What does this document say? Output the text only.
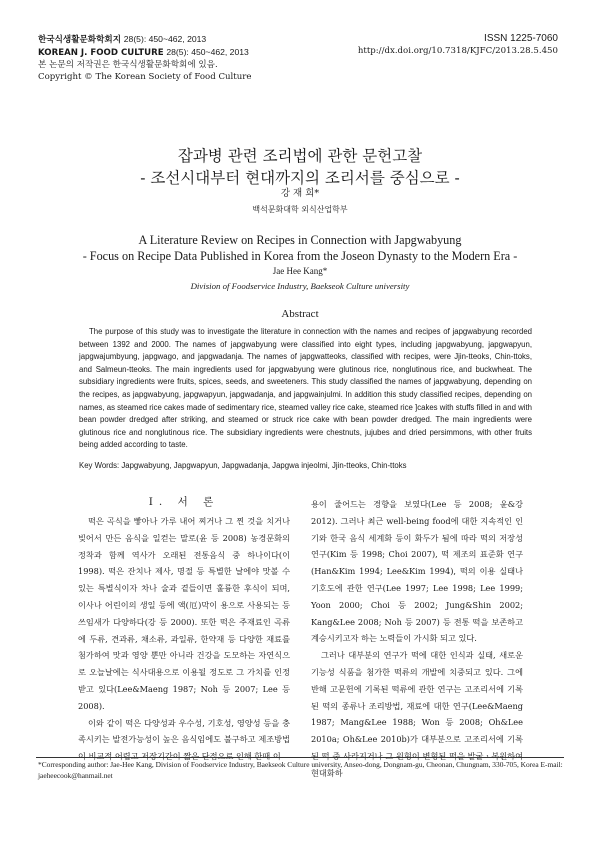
한국식생활문화학회지 28(5): 450~462, 2013
KOREAN J. FOOD CULTURE 28(5): 450~462, 2013
본 논문의 저작권은 한국식생활문화학회에 있음.
Copyright © The Korean Society of Food Culture
ISSN 1225-7060
http://dx.doi.org/10.7318/KJFC/2013.28.5.450
잡과병 관련 조리법에 관한 문헌고찰
- 조선시대부터 현대까지의 조리서를 중심으로 -
강 재 희*
백석문화대학 외식산업학부
A Literature Review on Recipes in Connection with Japgwabyung
- Focus on Recipe Data Published in Korea from the Joseon Dynasty to the Modern Era -
Jae Hee Kang*
Division of Foodservice Industry, Baekseok Culture university
Abstract
The purpose of this study was to investigate the literature in connection with the names and recipes of japgwabyung recorded between 1392 and 2000. The names of japgwabyung were classified into eight types, including japgwabyung, japgwapyun, japgwajumbyung, japgwago, and japgwadanja. The names of japgwatteoks, classified with recipes, were Jjin-tteoks, Chin-ttoks, and Salmeun-tteoks. The main ingredients used for japgwabyung were glutinous rice, nonglutinous rice, and buckwheat. The subsidiary ingredients were fruits, spices, seeds, and sweeteners. This study classified the names of japgwabyung, depending on the recipes, as japgwabyung, japgwapyun, japgwadanja, and japgwainjulmi. In addition this study classified recipes, depending on names, as steamed rice cakes made of sedimentary rice, steamed valley rice cake, steamed rice ]cakes with stuffs filled in and with bean powder dredged after striking, and steamed or struck rice cake with bean powder dredged. The main ingredients were glutinous rice and nonglutinous rice. The subsidiary ingredients were chestnuts, jujubes and dried persimmons, with other fruits being added according to taste.
Key Words: Japgwabyung, Japgwapyun, Japgwadanja, Japgwa injeolmi, Jjin-tteoks, Chin-ttoks
I. 서 론

떡은 곡식을 빻아나 가루 내어 찌거나 그 찐 것을 치거나 빚어서 만든 음식을 일컫는 말로(윤 등 2008) 농경문화의 정착과 함께 역사가 오래된 전통음식 중 하나이다(이 1998). 떡은 잔치나 제사, 명절 등 특별한 날에야 맛볼 수 있는 특별식이자 차나 술과 곁들이면 훌륭한 후식이 되며, 이사나 어린이의 생일 등에 액(厄)막이 용으로 사용되는 등 쓰임새가 다양하다(강 등 2000). 또한 떡은 주재료인 곡류에 두류, 견과류, 채소류, 과일류, 한약재 등 다양한 재료를 첨가하여 맛과 영양 뿐만 아니라 건강을 도모하는 자연식으로 오늘날에는 식사대용으로 이용될 정도로 그 가치를 인정받고 있다(Lee&Maeng 1987; Noh 등 2007; Lee 등 2008).

이와 같이 떡은 다양성과 우수성, 기호성, 영양성 등을 충족시키는 발전가능성이 높은 음식임에도 불구하고 제조방법이 비교적 어렵고 저장기간이 짧은 단점으로 인해 한때 이

용이 줄어드는 경향을 보였다(Lee 등 2008; 윤&강 2012). 그러나 최근 well-being food에 대한 지속적인 인기와 한국 음식 세계화 등이 화두가 됨에 따라 떡의 저장성 연구(Kim 등 1998; Choi 2007), 떡 제조의 표준화 연구(Han&Kim 1994; Lee&Kim 1994), 떡의 이용 실태나 기호도에 관한 연구(Lee 1997; Lee 1998; Lee 1999; Yoon 2000; Choi 등 2002; Jung&Shin 2002; Kang&Lee 2008; Noh 등 2007) 등 전통 떡을 보존하고 계승시키고자 하는 노력들이 가시화 되고 있다.

그러나 대부분의 연구가 떡에 대한 인식과 실태, 새로운 기능성 식품을 첨가한 떡류의 개발에 치중되고 있다. 그에 반해 고문헌에 기록된 떡류에 관한 연구는 고조리서에 기록된 떡의 종류나 조리방법, 재료에 대한 연구(Lee&Maeng 1987; Mang&Lee 1988; Won 등 2008; Oh&Lee 2010a; Oh&Lee 2010b)가 대부분으로 고조리서에 기록된 떡 중 사라지거나 그 원형이 변형된 떡을 발굴ㆍ복원하여 현대화하

*Corresponding author: Jae-Hee Kang, Division of Foodservice Industry, Baekseok Culture university, Anseo-dong, Dongnam-gu, Cheonan, Chungnam, 330-705, Korea E-mail: jaeheecook@hanmail.net
